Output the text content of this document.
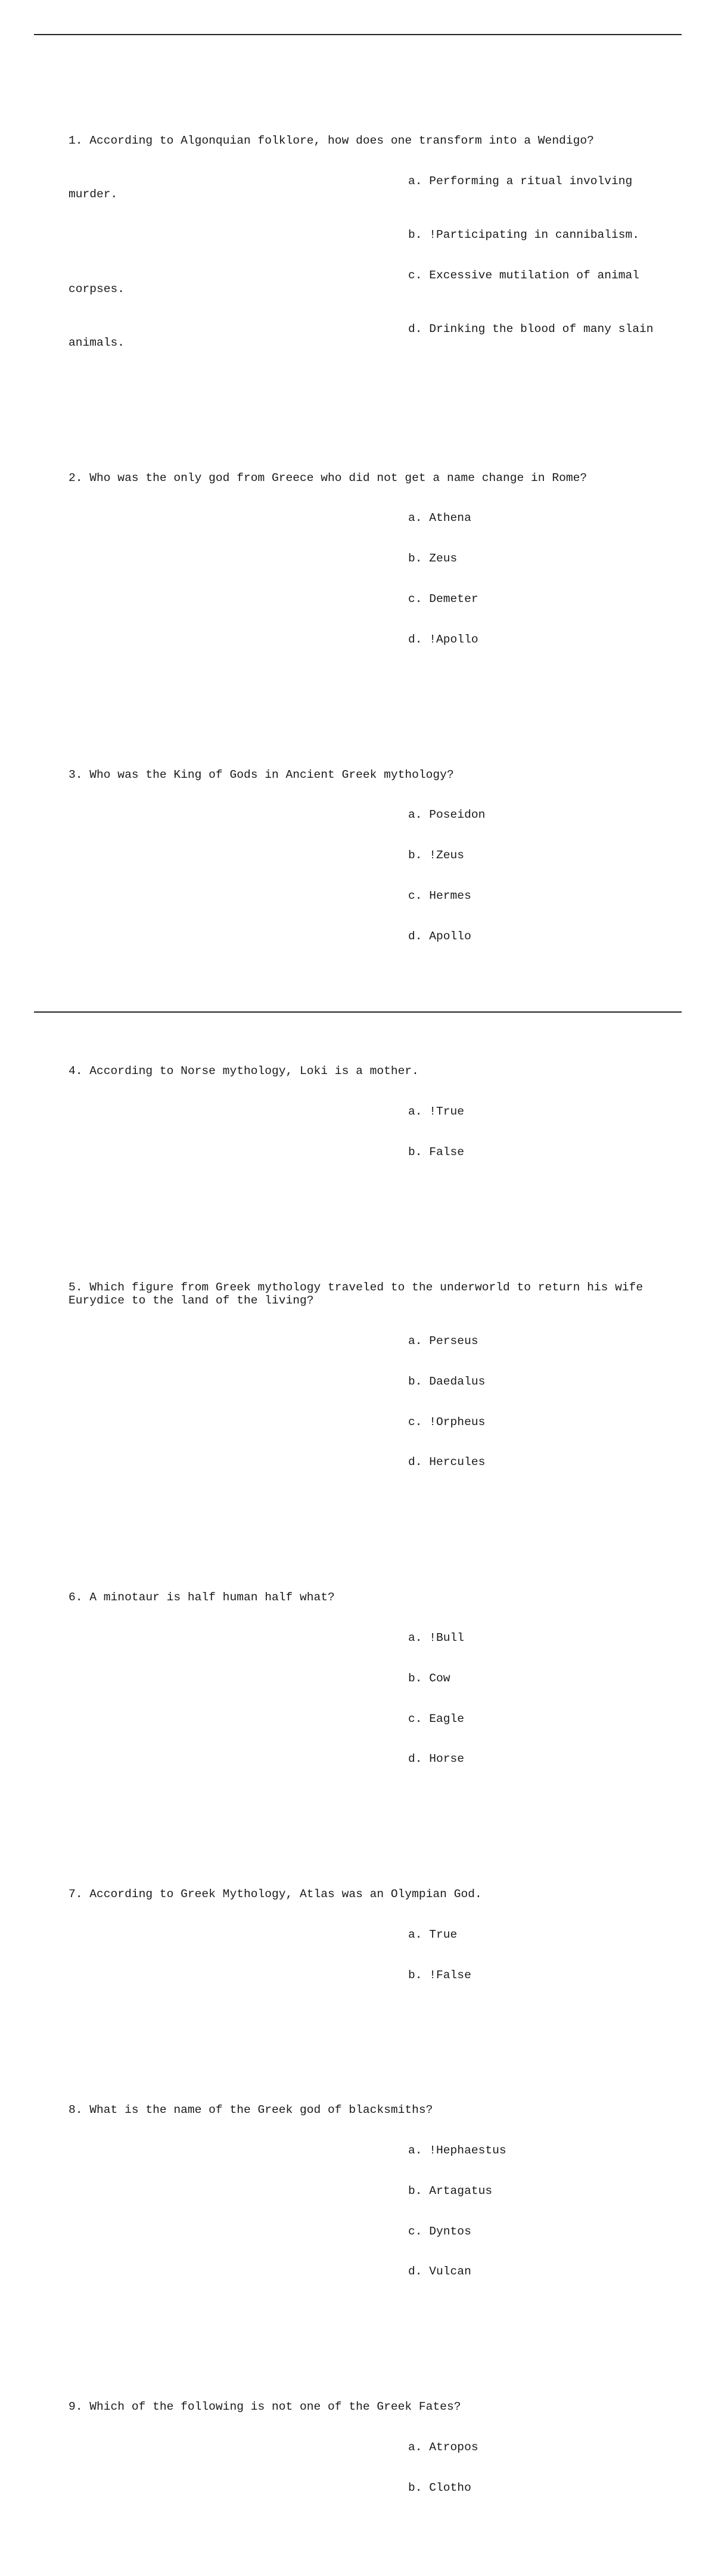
1. According to Algonquian folklore, how does one transform into a Wendigo?

a. Performing a ritual involving murder.

b. !Participating in cannibalism.

c. Excessive mutilation of animal corpses.

d. Drinking the blood of many slain animals.

2. Who was the only god from Greece who did not get a name change in Rome?

a. Athena

b. Zeus

c. Demeter

d. !Apollo

3. Who was the King of Gods in Ancient Greek mythology?

a. Poseidon

b. !Zeus

c. Hermes

d. Apollo

4. According to Norse mythology, Loki is a mother.

a. !True

b. False

5. Which figure from Greek mythology traveled to the underworld to return his wife
Eurydice to the land of the living?

a. Perseus

b. Daedalus

c. !Orpheus

d. Hercules

6. A minotaur is half human half what?

a. !Bull

b. Cow

c. Eagle

d. Horse

7. According to Greek Mythology, Atlas was an Olympian God.

a. True

b. !False

8. What is the name of the Greek god of blacksmiths?

a. !Hephaestus

b. Artagatus

c. Dyntos

d. Vulcan

9. Which of the following is not one of the Greek Fates?

a. Atropos

b. Clotho
